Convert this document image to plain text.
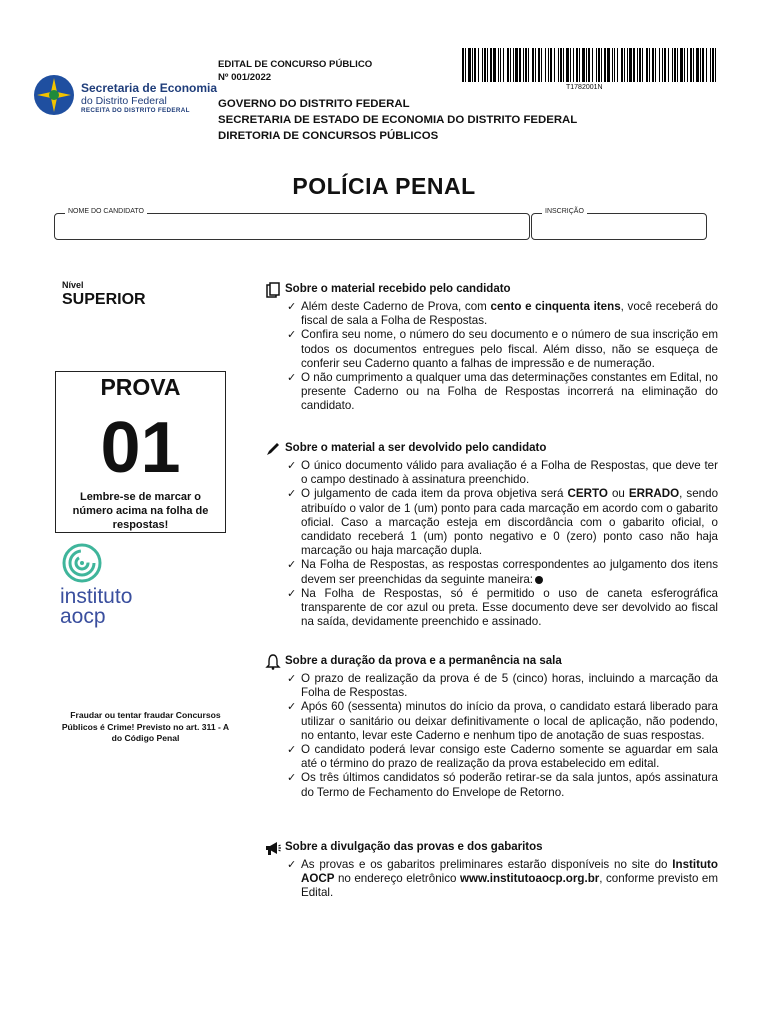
Secretaria de Economia
do Distrito Federal
RECEITA DO DISTRITO FEDERAL
EDITAL DE CONCURSO PÚBLICO
Nº 001/2022
GOVERNO DO DISTRITO FEDERAL
SECRETARIA DE ESTADO DE ECONOMIA DO DISTRITO FEDERAL
DIRETORIA DE CONCURSOS PÚBLICOS
T1782001N
POLÍCIA PENAL
NOME DO CANDIDATO	INSCRIÇÃO
Nível
SUPERIOR
PROVA
01
Lembre-se de marcar o número acima na folha de respostas!
instituto
aocp
Fraudar ou tentar fraudar Concursos Públicos é Crime! Previsto no art. 311 - A do Código Penal
Sobre o material recebido pelo candidato
✓ Além deste Caderno de Prova, com cento e cinquenta itens, você receberá do fiscal de sala a Folha de Respostas.
✓ Confira seu nome, o número do seu documento e o número de sua inscrição em todos os documentos entregues pelo fiscal. Além disso, não se esqueça de conferir seu Caderno quanto a falhas de impressão e de numeração.
✓ O não cumprimento a qualquer uma das determinações constantes em Edital, no presente Caderno ou na Folha de Respostas incorrerá na eliminação do candidato.
Sobre o material a ser devolvido pelo candidato
✓ O único documento válido para avaliação é a Folha de Respostas, que deve ter o campo destinado à assinatura preenchido.
✓ O julgamento de cada item da prova objetiva será CERTO ou ERRADO, sendo atribuído o valor de 1 (um) ponto para cada marcação em acordo com o gabarito oficial. Caso a marcação esteja em discordância com o gabarito oficial, o candidato receberá 1 (um) ponto negativo e 0 (zero) ponto caso não haja marcação ou haja marcação dupla.
✓ Na Folha de Respostas, as respostas correspondentes ao julgamento dos itens devem ser preenchidas da seguinte maneira:
✓ Na Folha de Respostas, só é permitido o uso de caneta esferográfica transparente de cor azul ou preta. Esse documento deve ser devolvido ao fiscal na saída, devidamente preenchido e assinado.
Sobre a duração da prova e a permanência na sala
✓ O prazo de realização da prova é de 5 (cinco) horas, incluindo a marcação da Folha de Respostas.
✓ Após 60 (sessenta) minutos do início da prova, o candidato estará liberado para utilizar o sanitário ou deixar definitivamente o local de aplicação, não podendo, no entanto, levar este Caderno e nenhum tipo de anotação de suas respostas.
✓ O candidato poderá levar consigo este Caderno somente se aguardar em sala até o término do prazo de realização da prova estabelecido em edital.
✓ Os três últimos candidatos só poderão retirar-se da sala juntos, após assinatura do Termo de Fechamento do Envelope de Retorno.
Sobre a divulgação das provas e dos gabaritos
✓ As provas e os gabaritos preliminares estarão disponíveis no site do Instituto AOCP no endereço eletrônico www.institutoaocp.org.br, conforme previsto em Edital.
